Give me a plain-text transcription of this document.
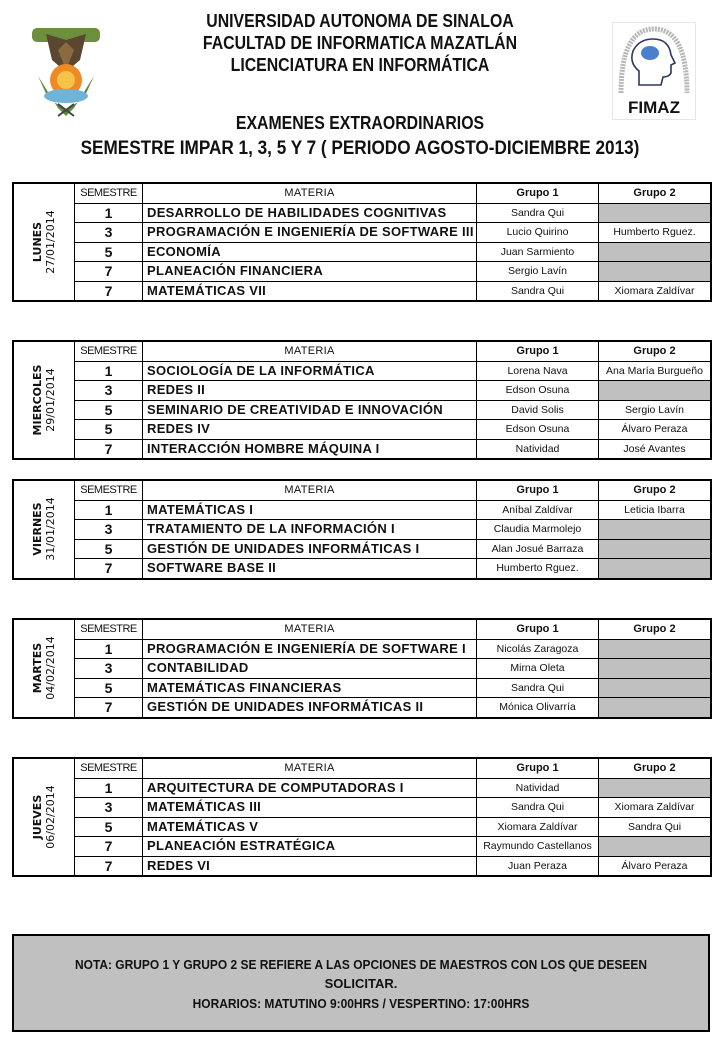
FIMAZ
UNIVERSIDAD AUTONOMA DE SINALOA
FACULTAD DE INFORMATICA MAZATLÁN
LICENCIATURA EN INFORMÁTICA
EXAMENES EXTRAORDINARIOS
SEMESTRE IMPAR 1, 3, 5 Y 7 ( PERIODO AGOSTO-DICIEMBRE 2013)
LUNES 27/01/2014	SEMESTRE	MATERIA	Grupo 1	Grupo 2
	1	DESARROLLO DE HABILIDADES COGNITIVAS	Sandra Qui	
	3	PROGRAMACIÓN E INGENIERÍA DE SOFTWARE III	Lucio Quirino	Humberto Rguez.
	5	ECONOMÍA	Juan Sarmiento	
	7	PLANEACIÓN FINANCIERA	Sergio Lavín	
	7	MATEMÁTICAS VII	Sandra Qui	Xiomara Zaldívar
MIERCOLES 29/01/2014	SEMESTRE	MATERIA	Grupo 1	Grupo 2
	1	SOCIOLOGÍA DE LA INFORMÁTICA	Lorena Nava	Ana María Burgueño
	3	REDES II	Edson Osuna	
	5	SEMINARIO DE CREATIVIDAD E INNOVACIÓN	David Solis	Sergio Lavín
	5	REDES IV	Edson Osuna	Álvaro Peraza
	7	INTERACCIÓN HOMBRE MÁQUINA I	Natividad	José Avantes
VIERNES 31/01/2014	SEMESTRE	MATERIA	Grupo 1	Grupo 2
	1	MATEMÁTICAS I	Aníbal Zaldívar	Leticia Ibarra
	3	TRATAMIENTO DE LA INFORMACIÓN I	Claudia Marmolejo	
	5	GESTIÓN DE UNIDADES INFORMÁTICAS I	Alan Josué Barraza	
	7	SOFTWARE BASE II	Humberto Rguez.	
MARTES 04/02/2014	SEMESTRE	MATERIA	Grupo 1	Grupo 2
	1	PROGRAMACIÓN E INGENIERÍA DE SOFTWARE I	Nicolás Zaragoza	
	3	CONTABILIDAD	Mirna Oleta	
	5	MATEMÁTICAS FINANCIERAS	Sandra Qui	
	7	GESTIÓN DE UNIDADES INFORMÁTICAS II	Mónica Olivarría	
JUEVES 06/02/2014	SEMESTRE	MATERIA	Grupo 1	Grupo 2
	1	ARQUITECTURA DE COMPUTADORAS I	Natividad	
	3	MATEMÁTICAS III	Sandra Qui	Xiomara Zaldívar
	5	MATEMÁTICAS V	Xiomara Zaldívar	Sandra Qui
	7	PLANEACIÓN ESTRATÉGICA	Raymundo Castellanos	
	7	REDES VI	Juan Peraza	Álvaro Peraza
NOTA: GRUPO 1 Y GRUPO 2 SE REFIERE A LAS OPCIONES DE MAESTROS CON LOS QUE DESEEN
SOLICITAR.
HORARIOS: MATUTINO 9:00HRS / VESPERTINO: 17:00HRS
